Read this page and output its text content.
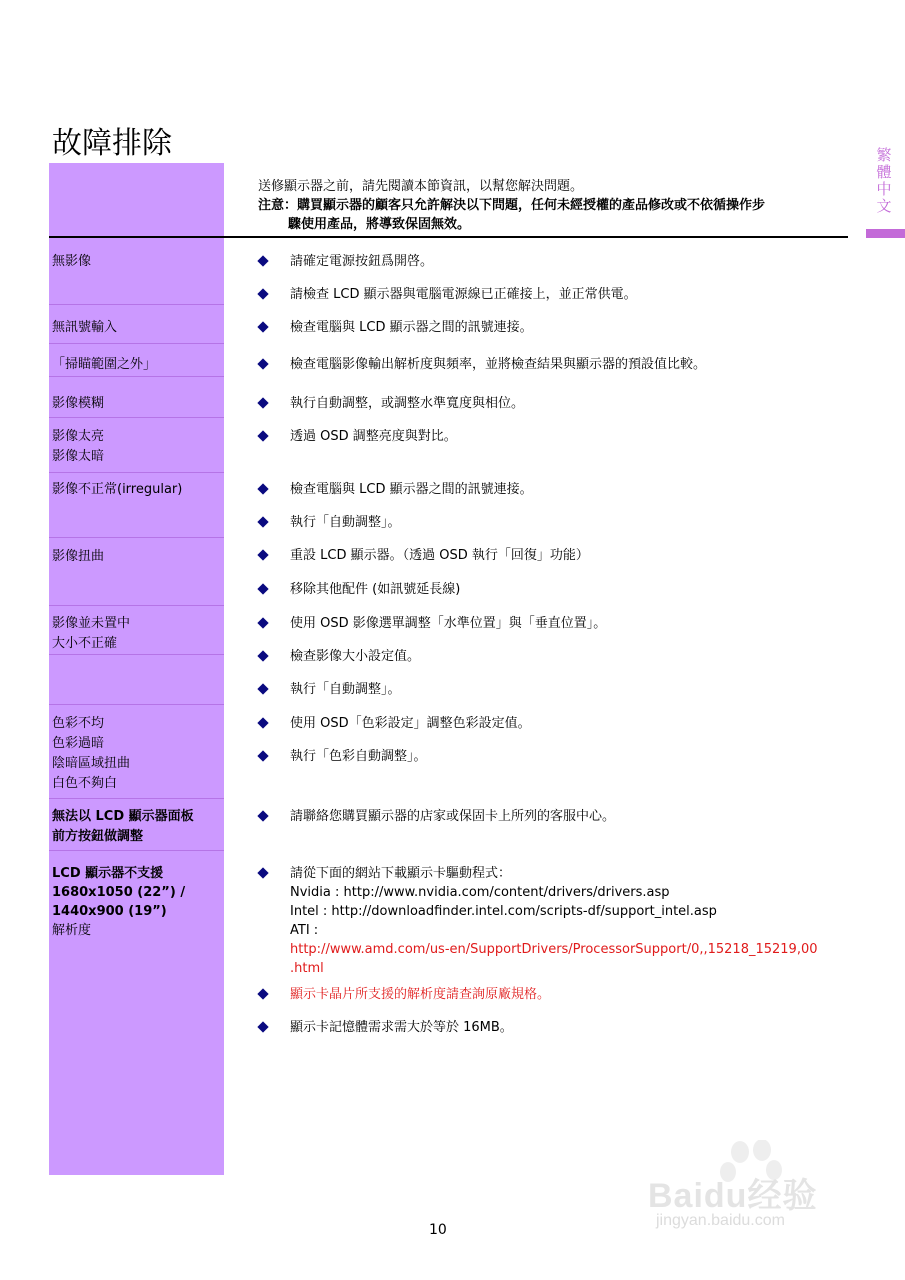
故障排除	繁體中文
送修顯示器之前，請先閱讀本節資訊，以幫您解決問題。
注意：購買顯示器的顧客只允許解決以下問題，任何未經授權的產品修改或不依循操作步
驟使用產品，將導致保固無效。
無影像
無訊號輸入
「掃瞄範圍之外」
影像模糊
影像太亮
影像太暗
影像不正常(irregular)
影像扭曲
影像並未置中
大小不正確
色彩不均
色彩過暗
陰暗區域扭曲
白色不夠白
無法以 LCD 顯示器面板
前方按鈕做調整
LCD 顯示器不支援
1680x1050 (22”) /
1440x900 (19”)
解析度
請確定電源按鈕爲開啓。
請檢查 LCD 顯示器與電腦電源線已正確接上，並正常供電。
檢查電腦與 LCD 顯示器之間的訊號連接。
檢查電腦影像輸出解析度與頻率，並將檢查結果與顯示器的預設值比較。
執行自動調整，或調整水準寬度與相位。
透過 OSD 調整亮度與對比。
檢查電腦與 LCD 顯示器之間的訊號連接。
執行「自動調整」。
重設 LCD 顯示器。（透過 OSD 執行「回復」功能）
移除其他配件 (如訊號延長線)
使用 OSD 影像選單調整「水準位置」與「垂直位置」。
檢查影像大小設定值。
執行「自動調整」。
使用 OSD「色彩設定」調整色彩設定值。
執行「色彩自動調整」。
請聯絡您購買顯示器的店家或保固卡上所列的客服中心。
請從下面的網站下載顯示卡驅動程式：
Nvidia : http://www.nvidia.com/content/drivers/drivers.asp
Intel : http://downloadfinder.intel.com/scripts-df/support_intel.asp
ATI :
http://www.amd.com/us-en/SupportDrivers/ProcessorSupport/0,,15218_15219,00
.html
顯示卡晶片所支援的解析度請查詢原廠規格。
顯示卡記憶體需求需大於等於 16MB。
10
Baidu经验
jingyan.baidu.com
